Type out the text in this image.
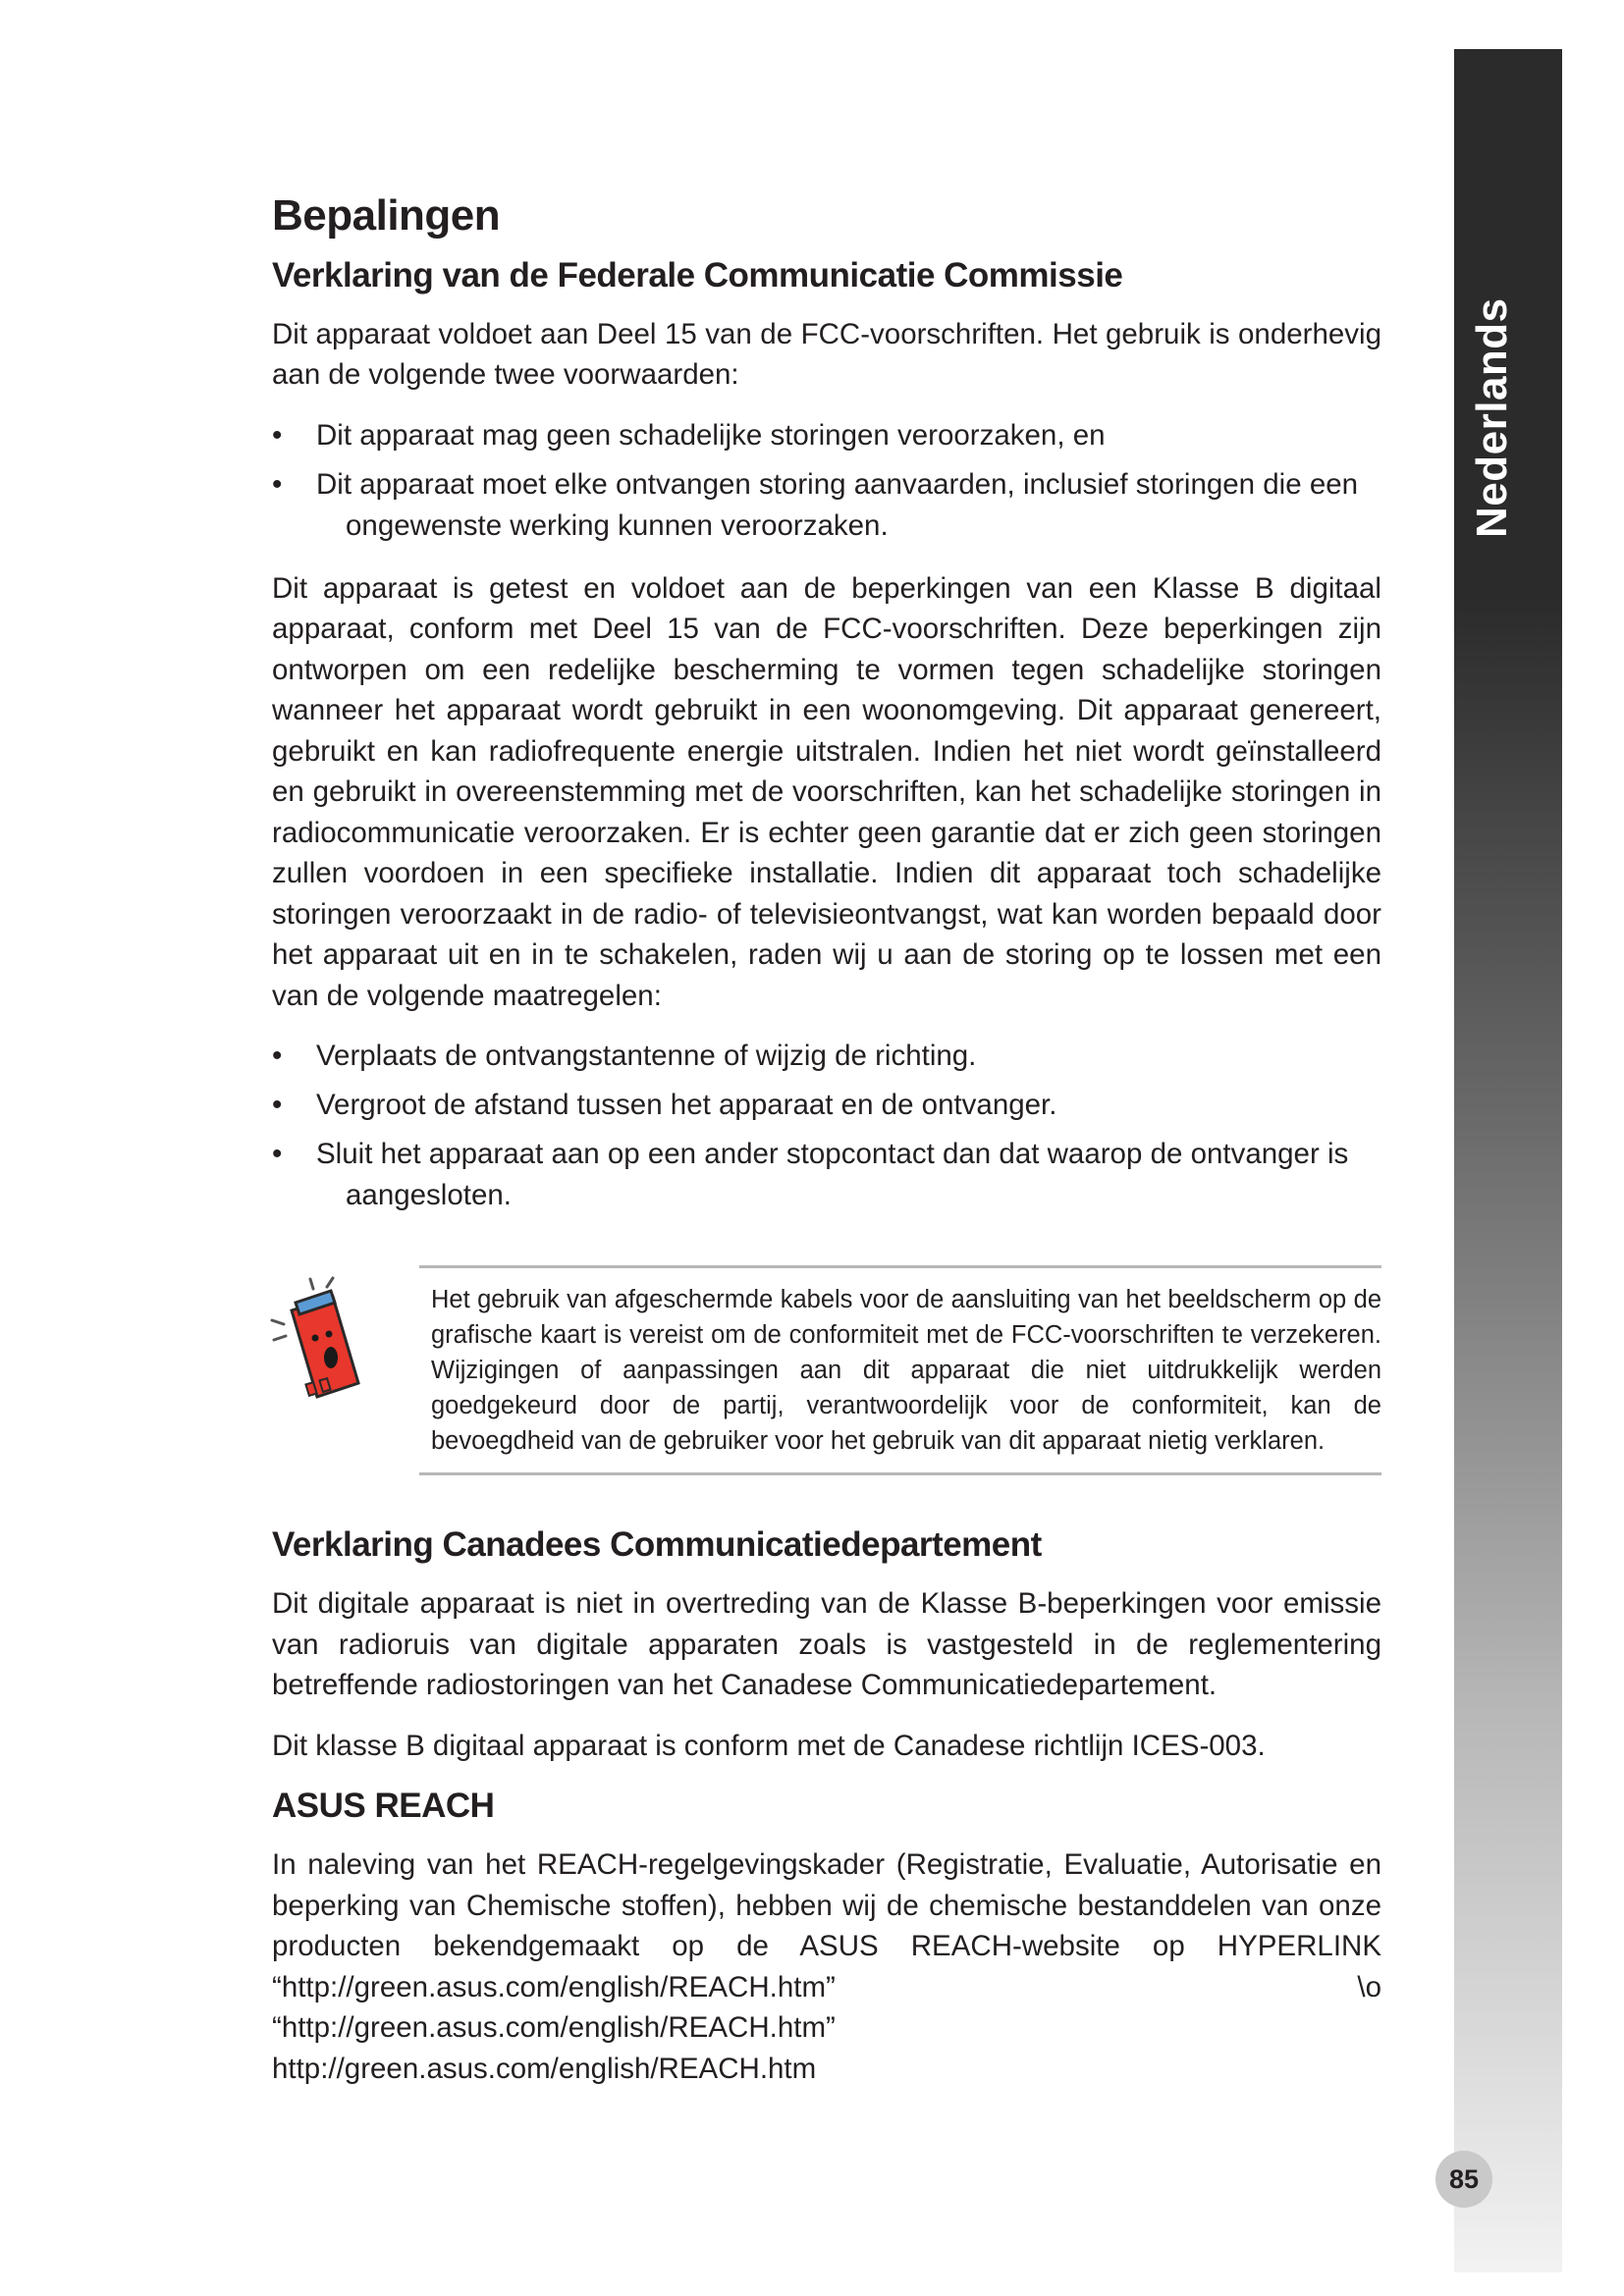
Nederlands
Bepalingen
Verklaring van de Federale Communicatie Commissie

Dit apparaat voldoet aan Deel 15 van de FCC-voorschriften. Het gebruik is onderhevig aan de volgende twee voorwaarden:

• Dit apparaat mag geen schadelijke storingen veroorzaken, en
• Dit apparaat moet elke ontvangen storing aanvaarden, inclusief storingen die een
ongewenste werking kunnen veroorzaken.

Dit apparaat is getest en voldoet aan de beperkingen van een Klasse B digitaal apparaat, conform met Deel 15 van de FCC-voorschriften. Deze beperkingen zijn ontworpen om een redelijke bescherming te vormen tegen schadelijke storingen wanneer het apparaat wordt gebruikt in een woonomgeving. Dit apparaat genereert, gebruikt en kan radiofrequente energie uitstralen. Indien het niet wordt geïnstalleerd en gebruikt in overeenstemming met de voorschriften, kan het schadelijke storingen in radiocommunicatie veroorzaken. Er is echter geen garantie dat er zich geen storingen zullen voordoen in een specifieke installatie. Indien dit apparaat toch schadelijke storingen veroorzaakt in de radio- of televisieontvangst, wat kan worden bepaald door het apparaat uit en in te schakelen, raden wij u aan de storing op te lossen met een van de volgende maatregelen:

• Verplaats de ontvangstantenne of wijzig de richting.
• Vergroot de afstand tussen het apparaat en de ontvanger.
• Sluit het apparaat aan op een ander stopcontact dan dat waarop de ontvanger is
aangesloten.
Het gebruik van afgeschermde kabels voor de aansluiting van het beeldscherm op de grafische kaart is vereist om de conformiteit met de FCC-voorschriften te verzekeren. Wijzigingen of aanpassingen aan dit apparaat die niet uitdrukkelijk werden goedgekeurd door de partij, verantwoordelijk voor de conformiteit, kan de bevoegdheid van de gebruiker voor het gebruik van dit apparaat nietig verklaren.
Verklaring Canadees Communicatiedepartement

Dit digitale apparaat is niet in overtreding van de Klasse B-beperkingen voor emissie van radioruis van digitale apparaten zoals is vastgesteld in de reglementering betreffende radiostoringen van het Canadese Communicatiedepartement.

Dit klasse B digitaal apparaat is conform met de Canadese richtlijn ICES-003.

ASUS REACH

In naleving van het REACH-regelgevingskader (Registratie, Evaluatie, Autorisatie en beperking van Chemische stoffen), hebben wij de chemische bestanddelen van onze producten bekendgemaakt op de ASUS REACH-website op HYPERLINK “http://green.asus.com/english/REACH.htm” \o “http://green.asus.com/english/REACH.htm” http://green.asus.com/english/REACH.htm

85
